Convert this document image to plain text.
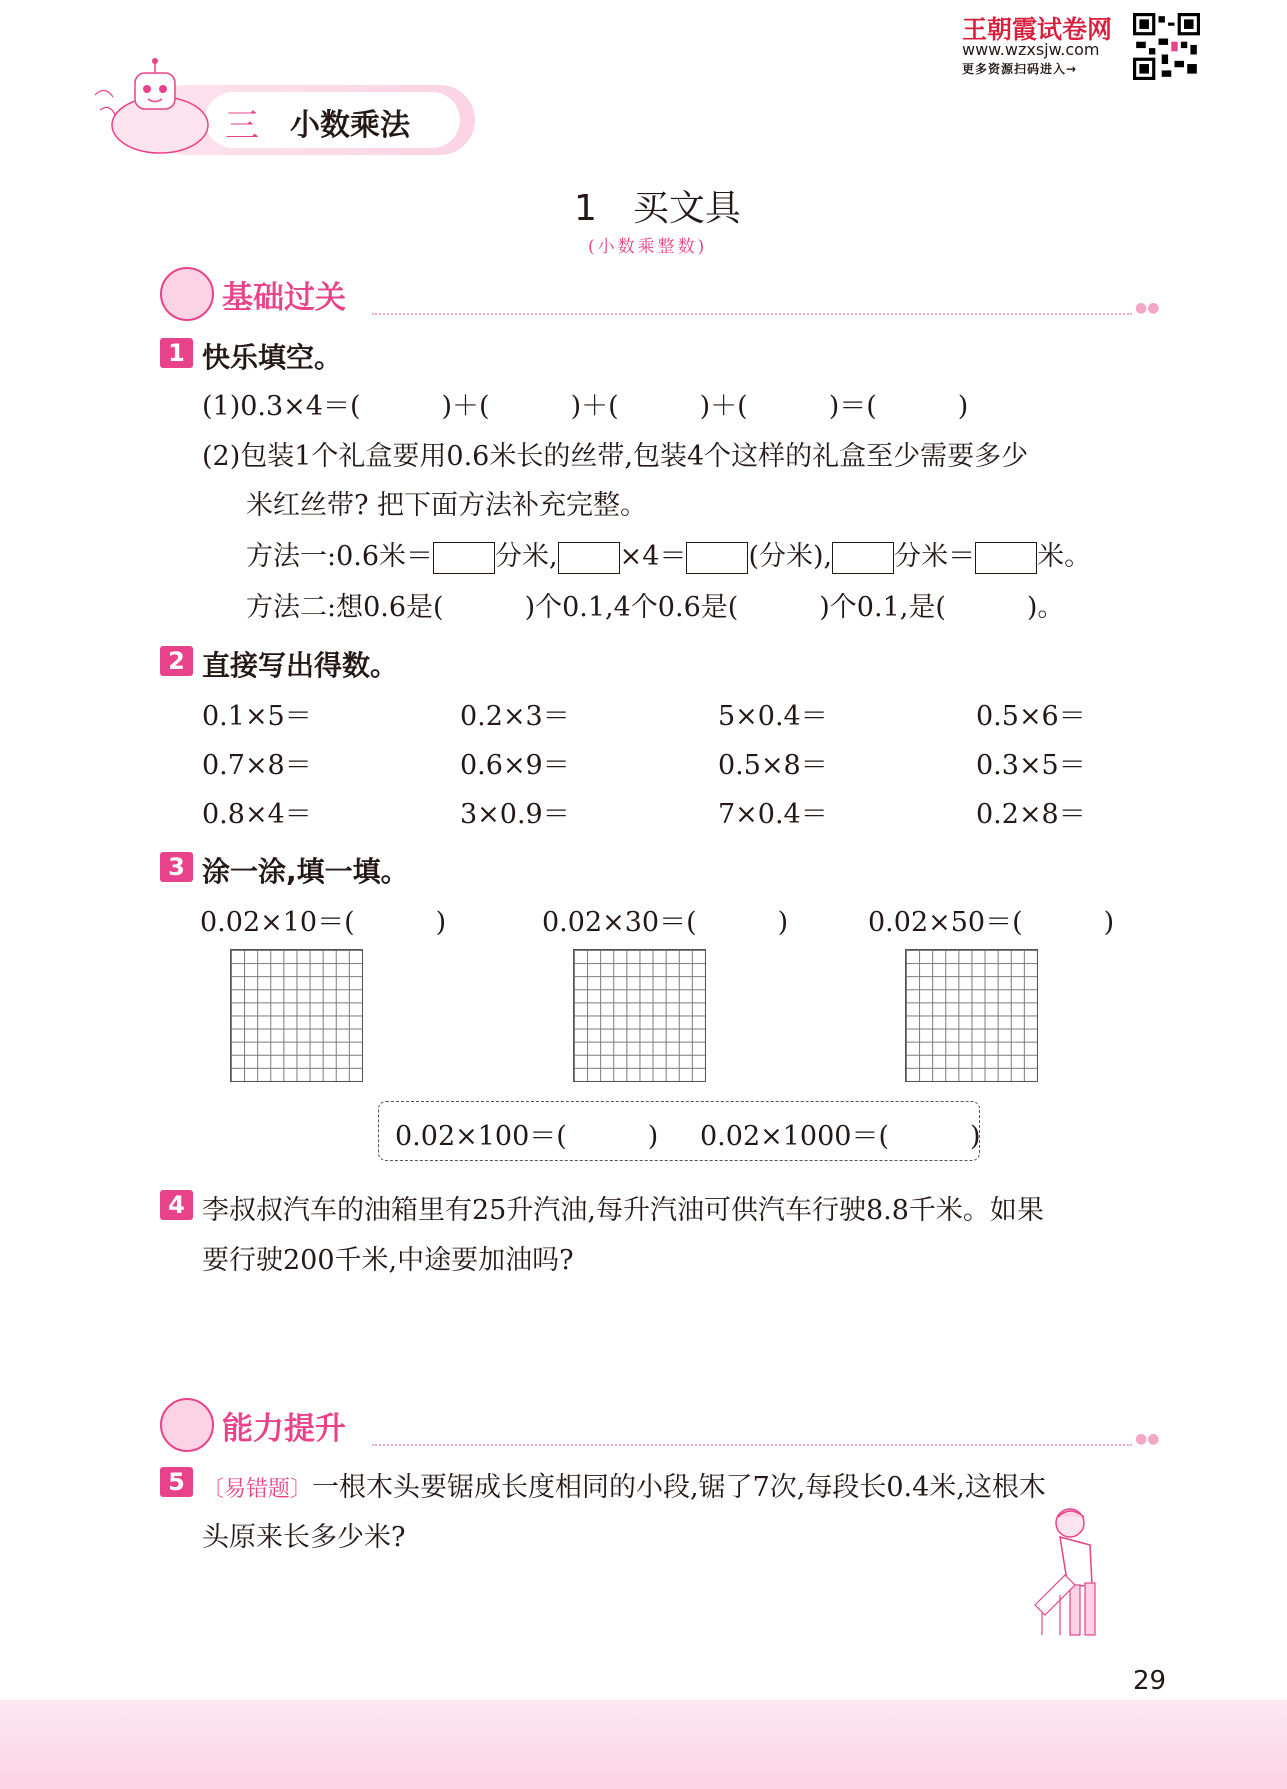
王朝霞试卷网
www.wzxsjw.com
更多资源扫码进入→
三 小数乘法
1　买文具
(小数乘整数)
基础过关	●●
1 快乐填空。
(1)0.3×4＝(　　　)＋(　　　)＋(　　　)＋(　　　)＝(　　　)
(2)包装1个礼盒要用0.6米长的丝带,包装4个这样的礼盒至少需要多少
米红丝带? 把下面方法补充完整。
方法一:0.6米＝ 分米, ×4＝ (分米), 分米＝ 米。
方法二:想0.6是(　　　)个0.1,4个0.6是(　　　)个0.1,是(　　　)。
2 直接写出得数。
0.1×5＝	0.2×3＝	5×0.4＝	0.5×6＝
0.7×8＝	0.6×9＝	0.5×8＝	0.3×5＝
0.8×4＝	3×0.9＝	7×0.4＝	0.2×8＝
3 涂一涂,填一填。
0.02×10＝(　　　)	0.02×30＝(　　　)	0.02×50＝(　　　)
0.02×100＝(　　　) 0.02×1000＝(　　　)
4 李叔叔汽车的油箱里有25升汽油,每升汽油可供汽车行驶8.8千米。如果
要行驶200千米,中途要加油吗?
能力提升	●●
5 〔易错题〕一根木头要锯成长度相同的小段,锯了7次,每段长0.4米,这根木
头原来长多少米?
29
